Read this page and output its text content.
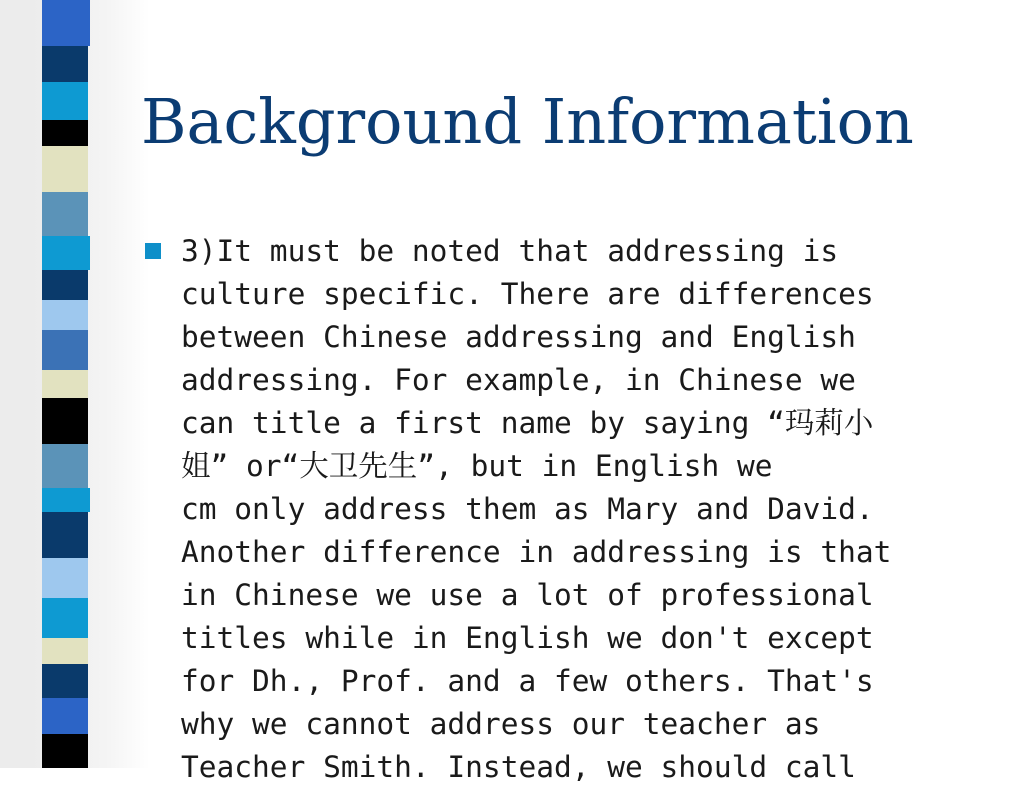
Background Information
3)It must be noted that addressing is
culture specific. There are differences
between Chinese addressing and English
addressing. For example, in Chinese we
can title a first name by saying “玛莉小
姐” or“大卫先生”, but in English we
cm only address them as Mary and David.
Another difference in addressing is that
in Chinese we use a lot of professional
titles while in English we don't except
for Dh., Prof. and a few others. That's
why we cannot address our teacher as
Teacher Smith. Instead, we should call
